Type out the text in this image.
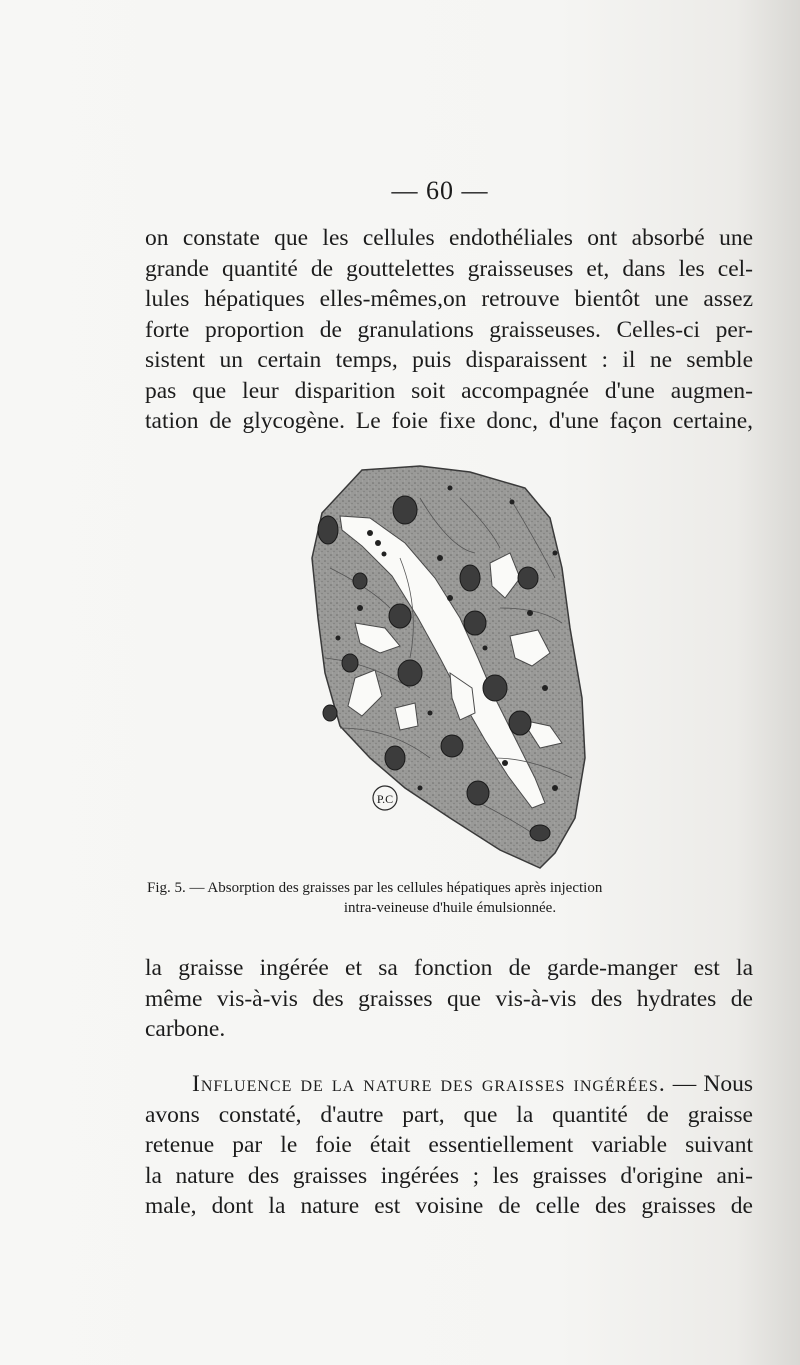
— 60 —

on constate que les cellules endothéliales ont absorbé une
grande quantité de gouttelettes graisseuses et, dans les cel-
lules hépatiques elles-mêmes,on retrouve bientôt une assez
forte proportion de granulations graisseuses. Celles-ci per-
sistent un certain temps, puis disparaissent : il ne semble
pas que leur disparition soit accompagnée d'une augmen-
tation de glycogène. Le foie fixe donc, d'une façon certaine,

P.C
Fig. 5. — Absorption des graisses par les cellules hépatiques après injection
intra-veineuse d'huile émulsionnée.

la graisse ingérée et sa fonction de garde-manger est la
même vis-à-vis des graisses que vis-à-vis des hydrates de
carbone.

  Influence de la nature des graisses ingérées. — Nous
avons constaté, d'autre part, que la quantité de graisse
retenue par le foie était essentiellement variable suivant
la nature des graisses ingérées ; les graisses d'origine ani-
male, dont la nature est voisine de celle des graisses de
